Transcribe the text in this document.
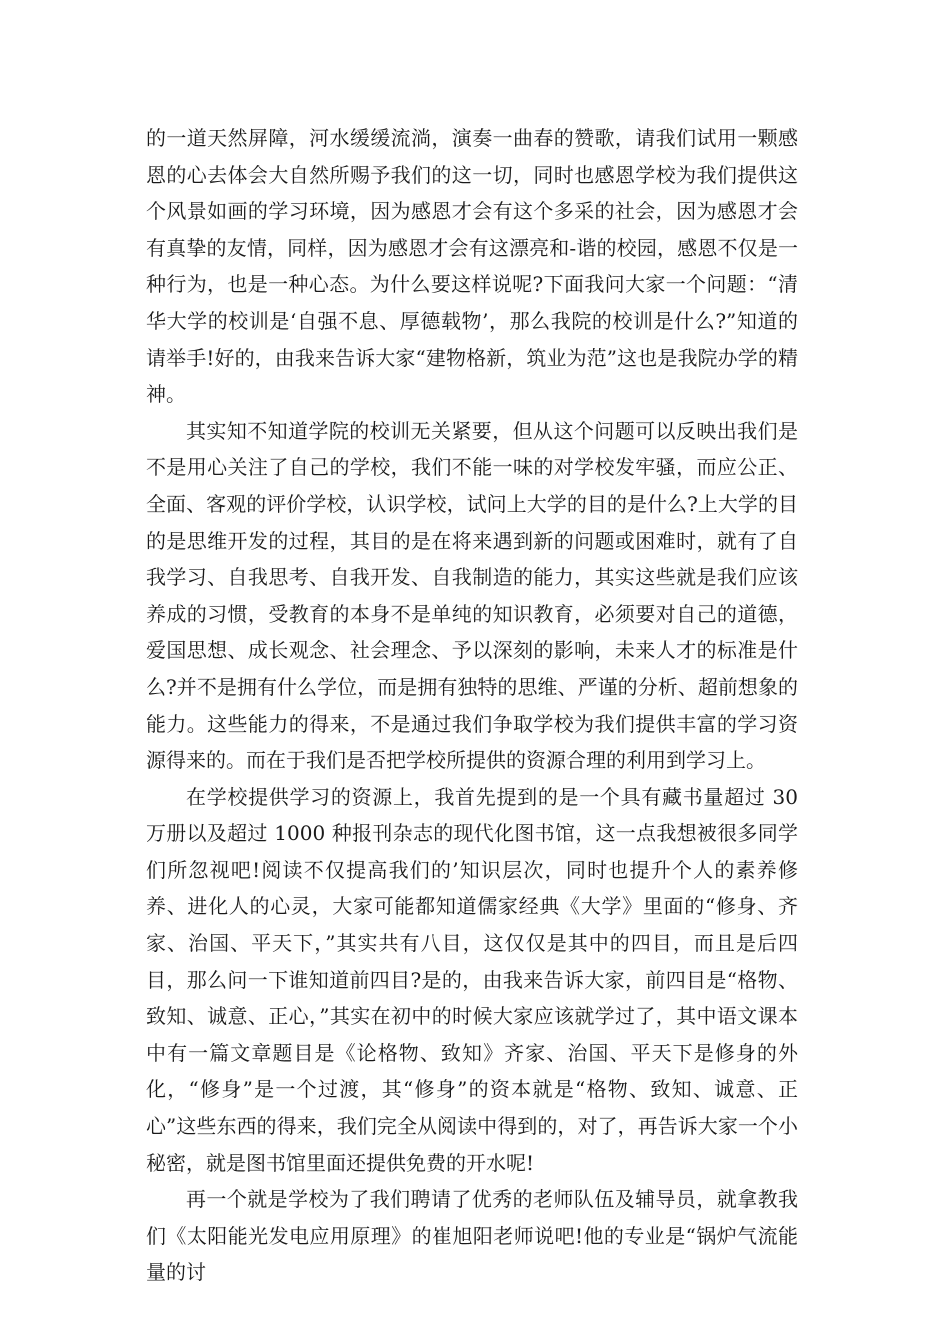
的一道天然屏障，河水缓缓流淌，演奏一曲春的赞歌，请我们试用一颗感恩的心去体会大自然所赐予我们的这一切，同时也感恩学校为我们提供这个风景如画的学习环境，因为感恩才会有这个多采的社会，因为感恩才会有真挚的友情，同样，因为感恩才会有这漂亮和-谐的校园，感恩不仅是一种行为，也是一种心态。为什么要这样说呢?下面我问大家一个问题：“清华大学的校训是‘自强不息、厚德载物’，那么我院的校训是什么?”知道的请举手!好的，由我来告诉大家“建物格新，筑业为范”这也是我院办学的精神。

其实知不知道学院的校训无关紧要，但从这个问题可以反映出我们是不是用心关注了自己的学校，我们不能一味的对学校发牢骚，而应公正、全面、客观的评价学校，认识学校，试问上大学的目的是什么?上大学的目的是思维开发的过程，其目的是在将来遇到新的问题或困难时，就有了自我学习、自我思考、自我开发、自我制造的能力，其实这些就是我们应该养成的习惯，受教育的本身不是单纯的知识教育，必须要对自己的道德，爱国思想、成长观念、社会理念、予以深刻的影响，未来人才的标准是什么?并不是拥有什么学位，而是拥有独特的思维、严谨的分析、超前想象的能力。这些能力的得来，不是通过我们争取学校为我们提供丰富的学习资源得来的。而在于我们是否把学校所提供的资源合理的利用到学习上。

在学校提供学习的资源上，我首先提到的是一个具有藏书量超过 30 万册以及超过 1000 种报刊杂志的现代化图书馆，这一点我想被很多同学们所忽视吧!阅读不仅提高我们的’知识层次，同时也提升个人的素养修养、进化人的心灵，大家可能都知道儒家经典《大学》里面的“修身、齐家、治国、平天下，”其实共有八目，这仅仅是其中的四目，而且是后四目，那么问一下谁知道前四目?是的，由我来告诉大家，前四目是“格物、致知、诚意、正心，”其实在初中的时候大家应该就学过了，其中语文课本中有一篇文章题目是《论格物、致知》齐家、治国、平天下是修身的外化，“修身”是一个过渡，其“修身”的资本就是“格物、致知、诚意、正心”这些东西的得来，我们完全从阅读中得到的，对了，再告诉大家一个小秘密，就是图书馆里面还提供免费的开水呢!

再一个就是学校为了我们聘请了优秀的老师队伍及辅导员，就拿教我们《太阳能光发电应用原理》的崔旭阳老师说吧!他的专业是“锅炉气流能量的讨
